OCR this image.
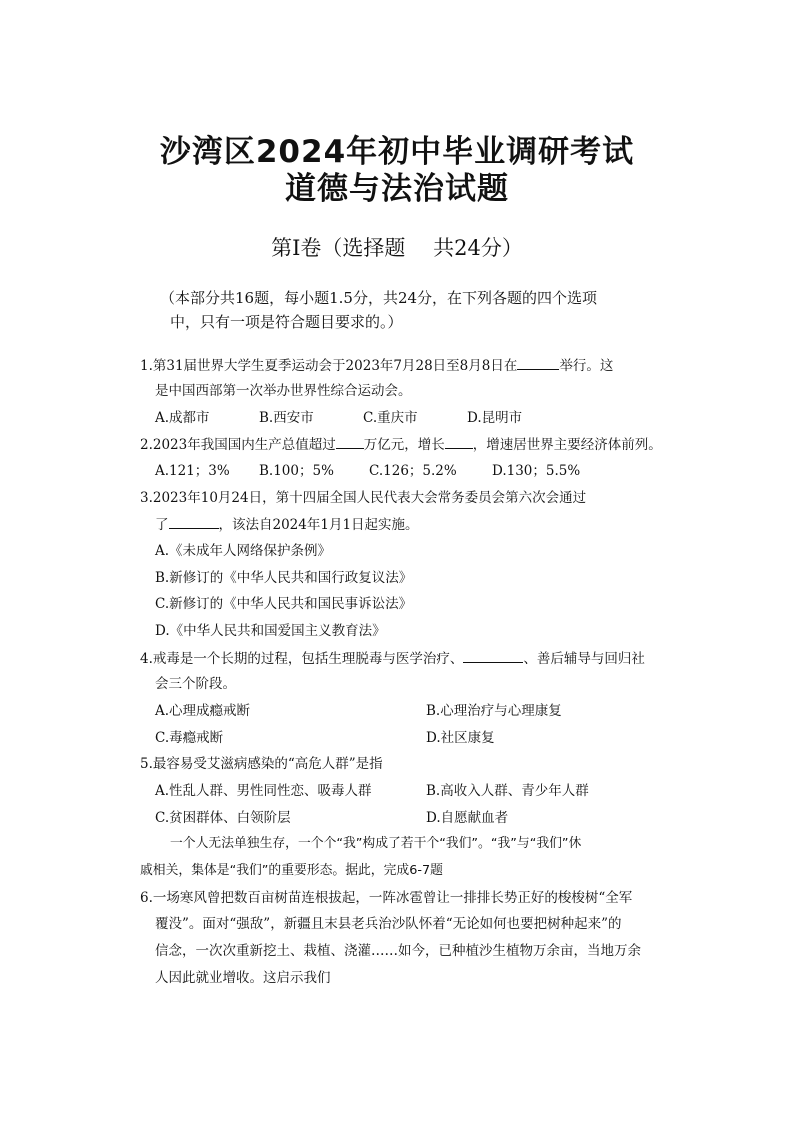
沙湾区2024年初中毕业调研考试
道德与法治试题
第Ⅰ卷（选择题　 共24分）
（本部分共16题，每小题1.5分，共24分，在下列各题的四个选项
中，只有一项是符合题目要求的。）
1.第31届世界大学生夏季运动会于2023年7月28日至8月8日在	举行。这
是中国西部第一次举办世界性综合运动会。
A.成都市	B.西安市	C.重庆市	D.昆明市
2.2023年我国国内生产总值超过 万亿元，增长 ，增速居世界主要经济体前列。
A.121；3% B.100；5%	C.126；5.2%	D.130；5.5%
3.2023年10月24日，第十四届全国人民代表大会常务委员会第六次会通过
了	，该法自2024年1月1日起实施。
A.《未成年人网络保护条例》
B.新修订的《中华人民共和国行政复议法》
C.新修订的《中华人民共和国民事诉讼法》
D.《中华人民共和国爱国主义教育法》
4.戒毒是一个长期的过程，包括生理脱毒与医学治疗、	、善后辅导与回归社
会三个阶段。
A.心理成瘾戒断	B.心理治疗与心理康复
C.毒瘾戒断	D.社区康复
5.最容易受艾滋病感染的“高危人群”是指
A.性乱人群、男性同性恋、吸毒人群	B.高收入人群、青少年人群
C.贫困群体、白领阶层	D.自愿献血者
一个人无法单独生存，一个个“我”构成了若干个“我们”。“我”与“我们”休
戚相关，集体是“我们”的重要形态。据此，完成6-7题
6.一场寒风曾把数百亩树苗连根拔起，一阵冰雹曾让一排排长势正好的梭梭树“全军
覆没”。面对“强敌”，新疆且末县老兵治沙队怀着“无论如何也要把树种起来”的
信念，一次次重新挖土、栽植、浇灌……如今，已种植沙生植物万余亩，当地万余
人因此就业增收。这启示我们
